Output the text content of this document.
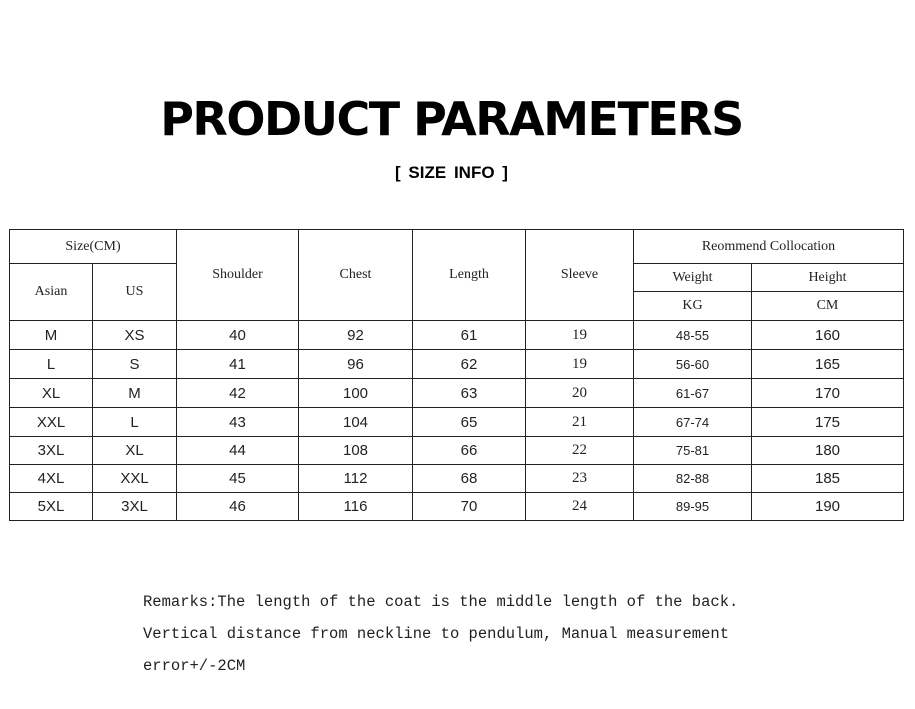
PRODUCT PARAMETERS
[ SIZE INFO ]
Size(CM)		Shoulder	Chest	Length	Sleeve	Reommend Collocation	
Asian	US					Weight	Height
						KG	CM
M	XS	40	92	61	19	48-55	160
L	S	41	96	62	19	56-60	165
XL	M	42	100	63	20	61-67	170
XXL	L	43	104	65	21	67-74	175
3XL	XL	44	108	66	22	75-81	180
4XL	XXL	45	112	68	23	82-88	185
5XL	3XL	46	116	70	24	89-95	190
Remarks:The length of the coat is the middle length of the back.
Vertical distance from neckline to pendulum, Manual measurement
error+/-2CM
